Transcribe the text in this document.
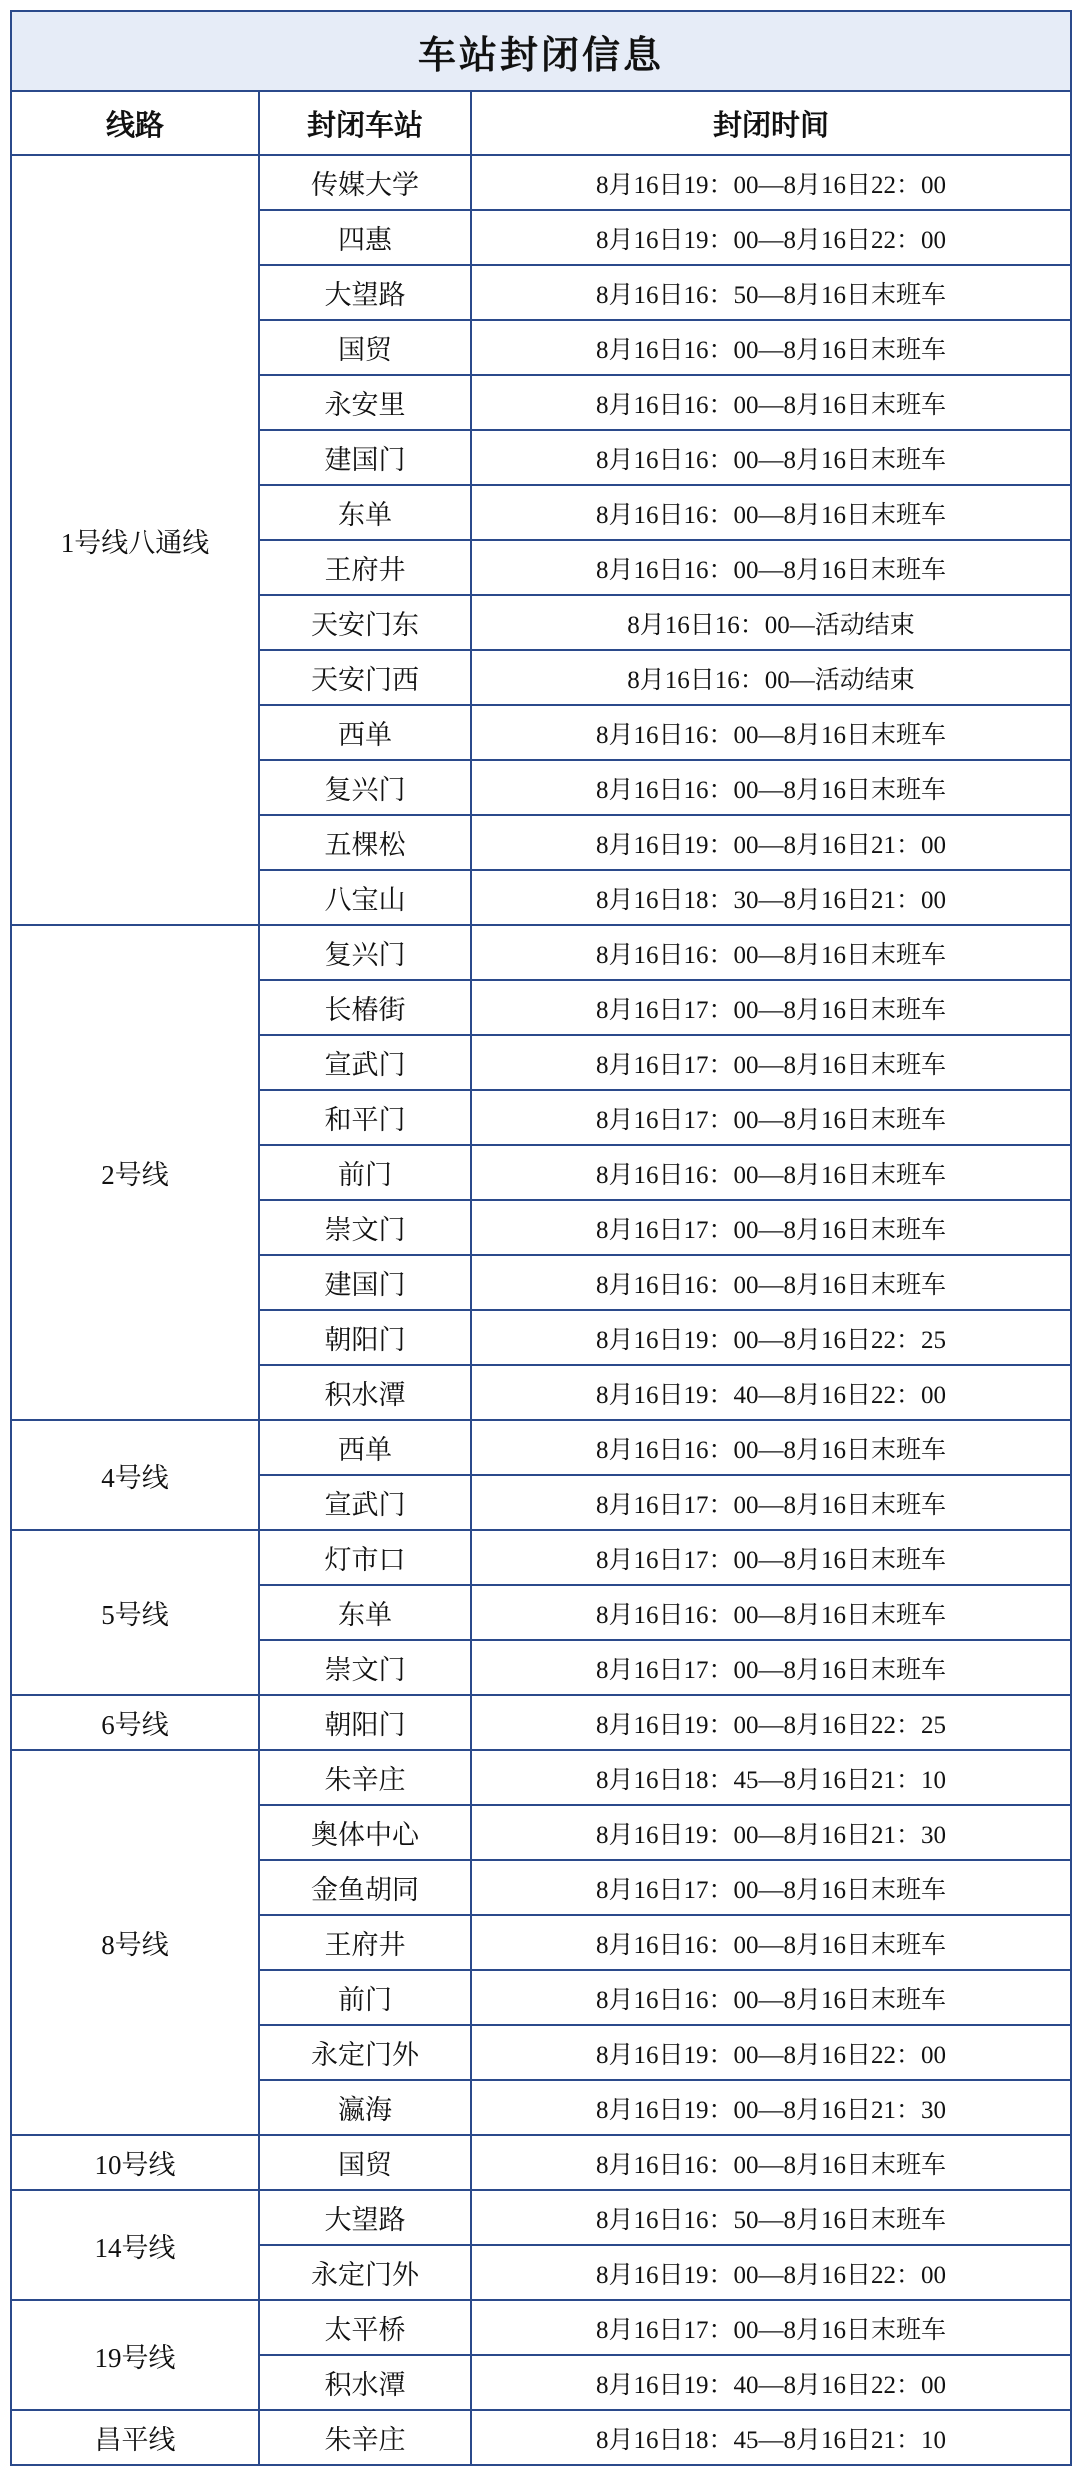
车站封闭信息		
线路	封闭车站	封闭时间
1号线八通线	传媒大学	8月16日19：00—8月16日22：00
	四惠	8月16日19：00—8月16日22：00
	大望路	8月16日16：50—8月16日末班车
	国贸	8月16日16：00—8月16日末班车
	永安里	8月16日16：00—8月16日末班车
	建国门	8月16日16：00—8月16日末班车
	东单	8月16日16：00—8月16日末班车
	王府井	8月16日16：00—8月16日末班车
	天安门东	8月16日16：00—活动结束
	天安门西	8月16日16：00—活动结束
	西单	8月16日16：00—8月16日末班车
	复兴门	8月16日16：00—8月16日末班车
	五棵松	8月16日19：00—8月16日21：00
	八宝山	8月16日18：30—8月16日21：00
2号线	复兴门	8月16日16：00—8月16日末班车
	长椿街	8月16日17：00—8月16日末班车
	宣武门	8月16日17：00—8月16日末班车
	和平门	8月16日17：00—8月16日末班车
	前门	8月16日16：00—8月16日末班车
	崇文门	8月16日17：00—8月16日末班车
	建国门	8月16日16：00—8月16日末班车
	朝阳门	8月16日19：00—8月16日22：25
	积水潭	8月16日19：40—8月16日22：00
4号线	西单	8月16日16：00—8月16日末班车
	宣武门	8月16日17：00—8月16日末班车
5号线	灯市口	8月16日17：00—8月16日末班车
	东单	8月16日16：00—8月16日末班车
	崇文门	8月16日17：00—8月16日末班车
6号线	朝阳门	8月16日19：00—8月16日22：25
8号线	朱辛庄	8月16日18：45—8月16日21：10
	奥体中心	8月16日19：00—8月16日21：30
	金鱼胡同	8月16日17：00—8月16日末班车
	王府井	8月16日16：00—8月16日末班车
	前门	8月16日16：00—8月16日末班车
	永定门外	8月16日19：00—8月16日22：00
	瀛海	8月16日19：00—8月16日21：30
10号线	国贸	8月16日16：00—8月16日末班车
14号线	大望路	8月16日16：50—8月16日末班车
	永定门外	8月16日19：00—8月16日22：00
19号线	太平桥	8月16日17：00—8月16日末班车
	积水潭	8月16日19：40—8月16日22：00
昌平线	朱辛庄	8月16日18：45—8月16日21：10
